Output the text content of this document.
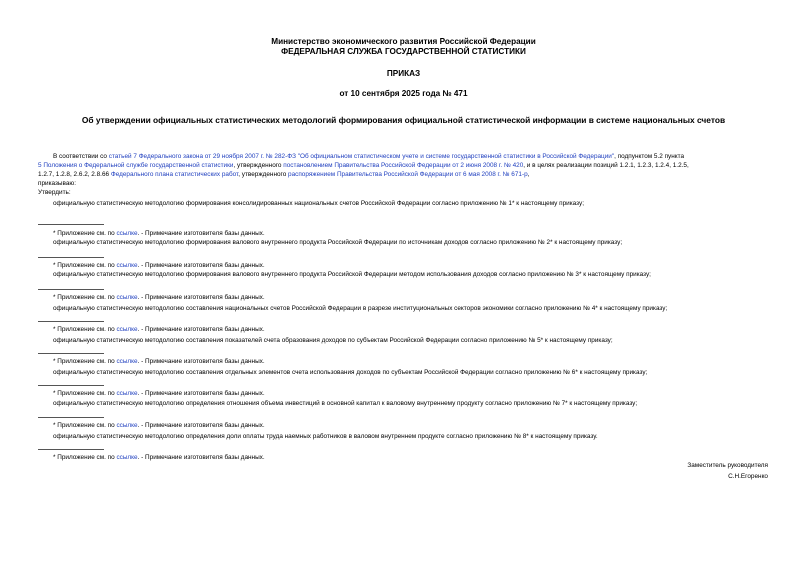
Министерство экономического развития Российской Федерации
ФЕДЕРАЛЬНАЯ СЛУЖБА ГОСУДАРСТВЕННОЙ СТАТИСТИКИ
ПРИКАЗ
от 10 сентября 2025 года № 471
Об утверждении официальных статистических методологий формирования официальной статистической информации в системе национальных счетов
В соответствии со статьей 7 Федерального закона от 29 ноября 2007 г. № 282-ФЗ "Об официальном статистическом учете и системе государственной статистики в Российской Федерации", подпунктом 5.2 пункта
5 Положения о Федеральной службе государственной статистики, утвержденного постановлением Правительства Российской Федерации от 2 июня 2008 г. № 420, и в целях реализации позиций 1.2.1, 1.2.3, 1.2.4, 1.2.5,
1.2.7, 1.2.8, 2.6.2, 2.8.66 Федерального плана статистических работ, утвержденного распоряжением Правительства Российской Федерации от 6 мая 2008 г. № 671-р,
приказываю:
Утвердить:
официальную статистическую методологию формирования консолидированных национальных счетов Российской Федерации согласно приложению № 1* к настоящему приказу;
* Приложение см. по ссылке. - Примечание изготовителя базы данных.
официальную статистическую методологию формирования валового внутреннего продукта Российской Федерации по источникам доходов согласно приложению № 2* к настоящему приказу;
* Приложение см. по ссылке. - Примечание изготовителя базы данных.
официальную статистическую методологию формирования валового внутреннего продукта Российской Федерации методом использования доходов согласно приложению № 3* к настоящему приказу;
* Приложение см. по ссылке. - Примечание изготовителя базы данных.
официальную статистическую методологию составления национальных счетов Российской Федерации в разрезе институциональных секторов экономики согласно приложению № 4* к настоящему приказу;
* Приложение см. по ссылке. - Примечание изготовителя базы данных.
официальную статистическую методологию составления показателей счета образования доходов по субъектам Российской Федерации согласно приложению № 5* к настоящему приказу;
* Приложение см. по ссылке. - Примечание изготовителя базы данных.
официальную статистическую методологию составления отдельных элементов счета использования доходов по субъектам Российской Федерации согласно приложению № 6* к настоящему приказу;
* Приложение см. по ссылке. - Примечание изготовителя базы данных.
официальную статистическую методологию определения отношения объема инвестиций в основной капитал к валовому внутреннему продукту согласно приложению № 7* к настоящему приказу;
* Приложение см. по ссылке. - Примечание изготовителя базы данных.
официальную статистическую методологию определения доли оплаты труда наемных работников в валовом внутреннем продукте согласно приложению № 8* к настоящему приказу.
* Приложение см. по ссылке. - Примечание изготовителя базы данных.
Заместитель руководителя
С.Н.Егоренко
